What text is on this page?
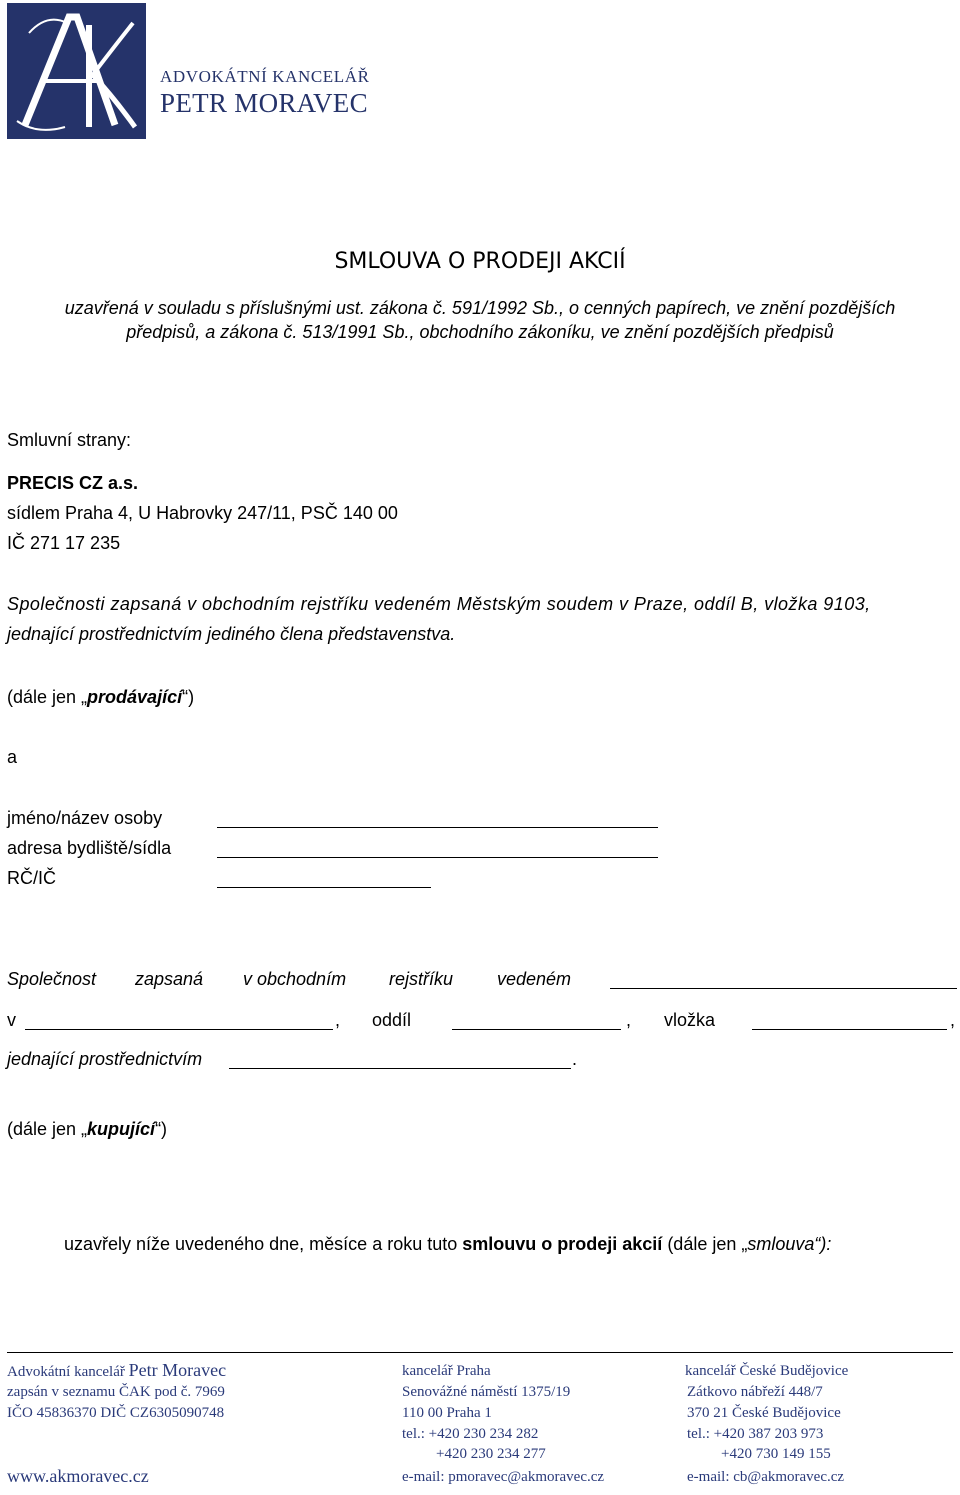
ADVOKÁTNÍ KANCELÁŘ
PETR MORAVEC
SMLOUVA O PRODEJI AKCIÍ
uzavřená v souladu s příslušnými ust. zákona č. 591/1992 Sb., o cenných papírech, ve znění pozdějších
předpisů, a zákona č. 513/1991 Sb., obchodního zákoníku, ve znění pozdějších předpisů
Smluvní strany:
PRECIS CZ a.s.
sídlem Praha 4, U Habrovky 247/11, PSČ 140 00
IČ 271 17 235
Společnosti zapsaná v obchodním rejstříku vedeném Městským soudem v Praze, oddíl B, vložka 9103,
jednající prostřednictvím jediného člena představenstva.
(dále jen „prodávající“)
a
jméno/název osoby
adresa bydliště/sídla
RČ/IČ
Společnost zapsaná v obchodním rejstříku vedeném
v	, oddíl	, vložka	,
jednající prostřednictvím	.
(dále jen „kupující“)
uzavřely níže uvedeného dne, měsíce a roku tuto smlouvu o prodeji akcií (dále jen „smlouva“):
Advokátní kancelář Petr Moravec
zapsán v seznamu ČAK pod č. 7969
IČO 45836370 DIČ CZ6305090748
www.akmoravec.cz
kancelář Praha
Senovážné náměstí 1375/19
110 00 Praha 1
tel.: +420 230 234 282
+420 230 234 277
e-mail: pmoravec@akmoravec.cz
kancelář České Budějovice
Zátkovo nábřeží 448/7
370 21 České Budějovice
tel.: +420 387 203 973
+420 730 149 155
e-mail: cb@akmoravec.cz
